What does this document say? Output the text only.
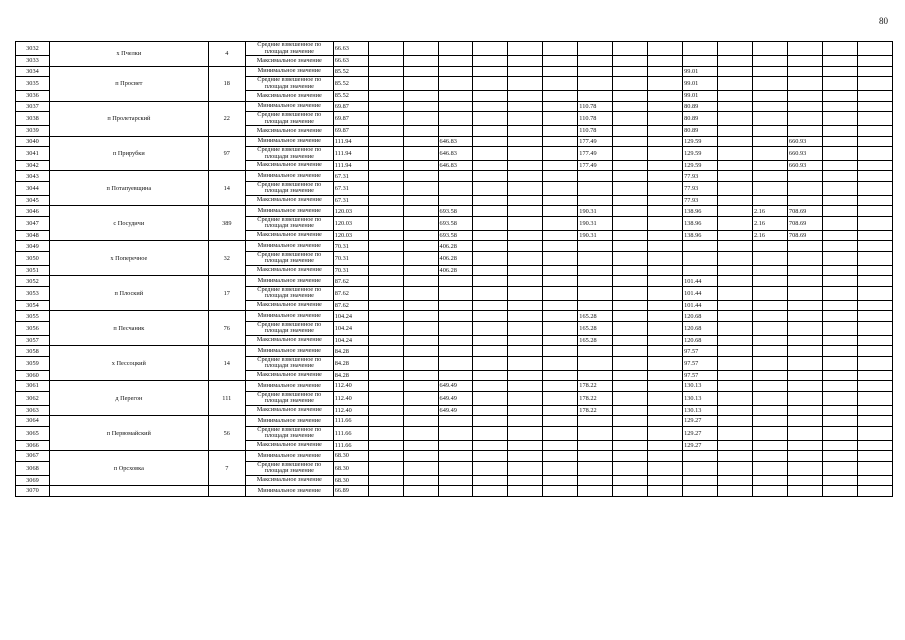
80
3032	х Пчелки	4	Средние взвешенное по площади значение	66.63															
3033			Максимальное значение	66.63															
3034	п Просвет	18	Минимальное значение	85.52										99.01					
3035			Средние взвешенное по площади значение	85.52										99.01					
3036			Максимальное значение	85.52										99.01					
3037	п Пролетарский	22	Минимальное значение	69.87							110.78			80.89					
3038			Средние взвешенное по площади значение	69.87							110.78			80.89					
3039			Максимальное значение	69.87							110.78			80.89					
3040	п Прирубки	97	Минимальное значение	111.94			646.83				177.49			129.59			660.93		
3041			Средние взвешенное по площади значение	111.94			646.83				177.49			129.59			660.93		
3042			Максимальное значение	111.94			646.83				177.49			129.59			660.93		
3043	п Потапуевщина	14	Минимальное значение	67.31										77.93					
3044			Средние взвешенное по площади значение	67.31										77.93					
3045			Максимальное значение	67.31										77.93					
3046	с Посудичи	389	Минимальное значение	120.03			693.58				190.31			138.96		2.16	708.69		
3047			Средние взвешенное по площади значение	120.03			693.58				190.31			138.96		2.16	708.69		
3048			Максимальное значение	120.03			693.58				190.31			138.96		2.16	708.69		
3049	х Поперечное	32	Минимальное значение	70.31			406.28												
3050			Средние взвешенное по площади значение	70.31			406.28												
3051			Максимальное значение	70.31			406.28												
3052	п Плоский	17	Минимальное значение	87.62										101.44					
3053			Средние взвешенное по площади значение	87.62										101.44					
3054			Максимальное значение	87.62										101.44					
3055	п Песчаник	76	Минимальное значение	104.24							165.28			120.68					
3056			Средние взвешенное по площади значение	104.24							165.28			120.68					
3057			Максимальное значение	104.24							165.28			120.68					
3058	х Пессоцкий	14	Минимальное значение	84.28										97.57					
3059			Средние взвешенное по площади значение	84.28										97.57					
3060			Максимальное значение	84.28										97.57					
3061	д Перегон	111	Минимальное значение	112.40			649.49				178.22			130.13					
3062			Средние взвешенное по площади значение	112.40			649.49				178.22			130.13					
3063			Максимальное значение	112.40			649.49				178.22			130.13					
3064	п Первомайский	56	Минимальное значение	111.66										129.27					
3065			Средние взвешенное по площади значение	111.66										129.27					
3066			Максимальное значение	111.66										129.27					
3067	п Орсховка	7	Минимальное значение	68.30															
3068			Средние взвешенное по площади значение	68.30															
3069			Максимальное значение	68.30															
3070			Минимальное значение	66.89															
